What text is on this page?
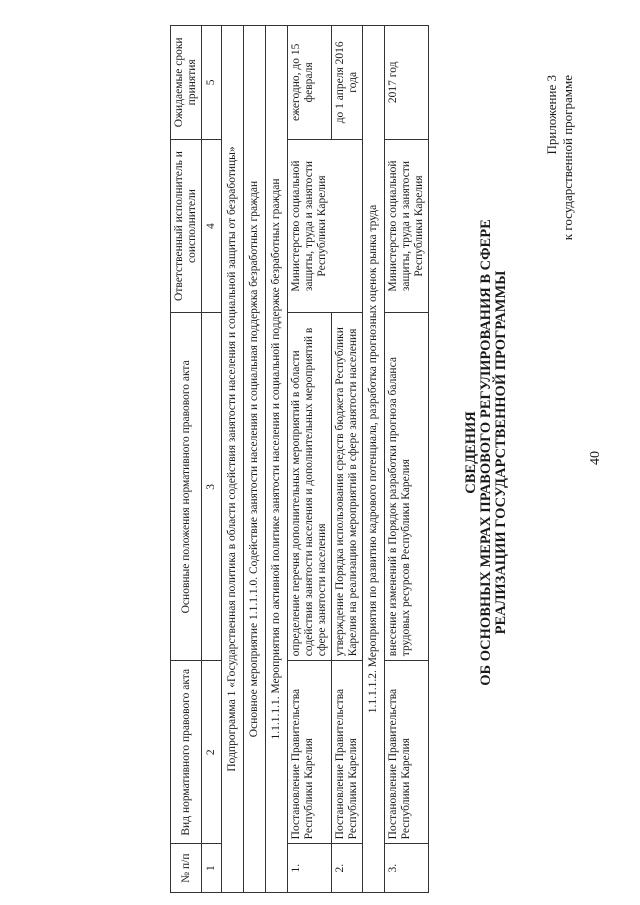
40
Приложение 3 к государственной программе
СВЕДЕНИЯ ОБ ОСНОВНЫХ МЕРАХ ПРАВОВОГО РЕГУЛИРОВАНИЯ В СФЕРЕ РЕАЛИЗАЦИИ ГОСУДАРСТВЕННОЙ ПРОГРАММЫ
№ п/п	Вид нормативного правового акта	Основные положения нормативного правового акта	Ответственный исполнитель и соисполнители	Ожидаемые сроки принятия
1	2	3	4	5
Подпрограмма 1 «Государственная политика в области содействия занятости населения и социальной защиты от безработицы»				
Основное мероприятие 1.1.1.1.0. Содействие занятости населения и социальная поддержка безработных граждан				
1.1.1.1.1. Мероприятия по активной политике занятости населения и социальной поддержке безработных граждан				
1.	Постановление Правительства Республики Карелия	определение перечня дополнительных мероприятий в области содействия занятости населения и дополнительных мероприятий в сфере занятости населения	Министерство социальной защиты, труда и занятости Республики Карелия	ежегодно, до 15 февраля
2.	Постановление Правительства Республики Карелия	утверждение Порядка использования средств бюджета Республики Карелия на реализацию мероприятий в сфере занятости населения		до 1 апреля 2016 года
1.1.1.1.2. Мероприятия по развитию кадрового потенциала, разработка прогнозных оценок рынка труда				
3.	Постановление Правительства Республики Карелия	внесение изменений в Порядок разработки прогноза баланса трудовых ресурсов Республики Карелия	Министерство социальной защиты, труда и занятости Республики Карелия	2017 год
